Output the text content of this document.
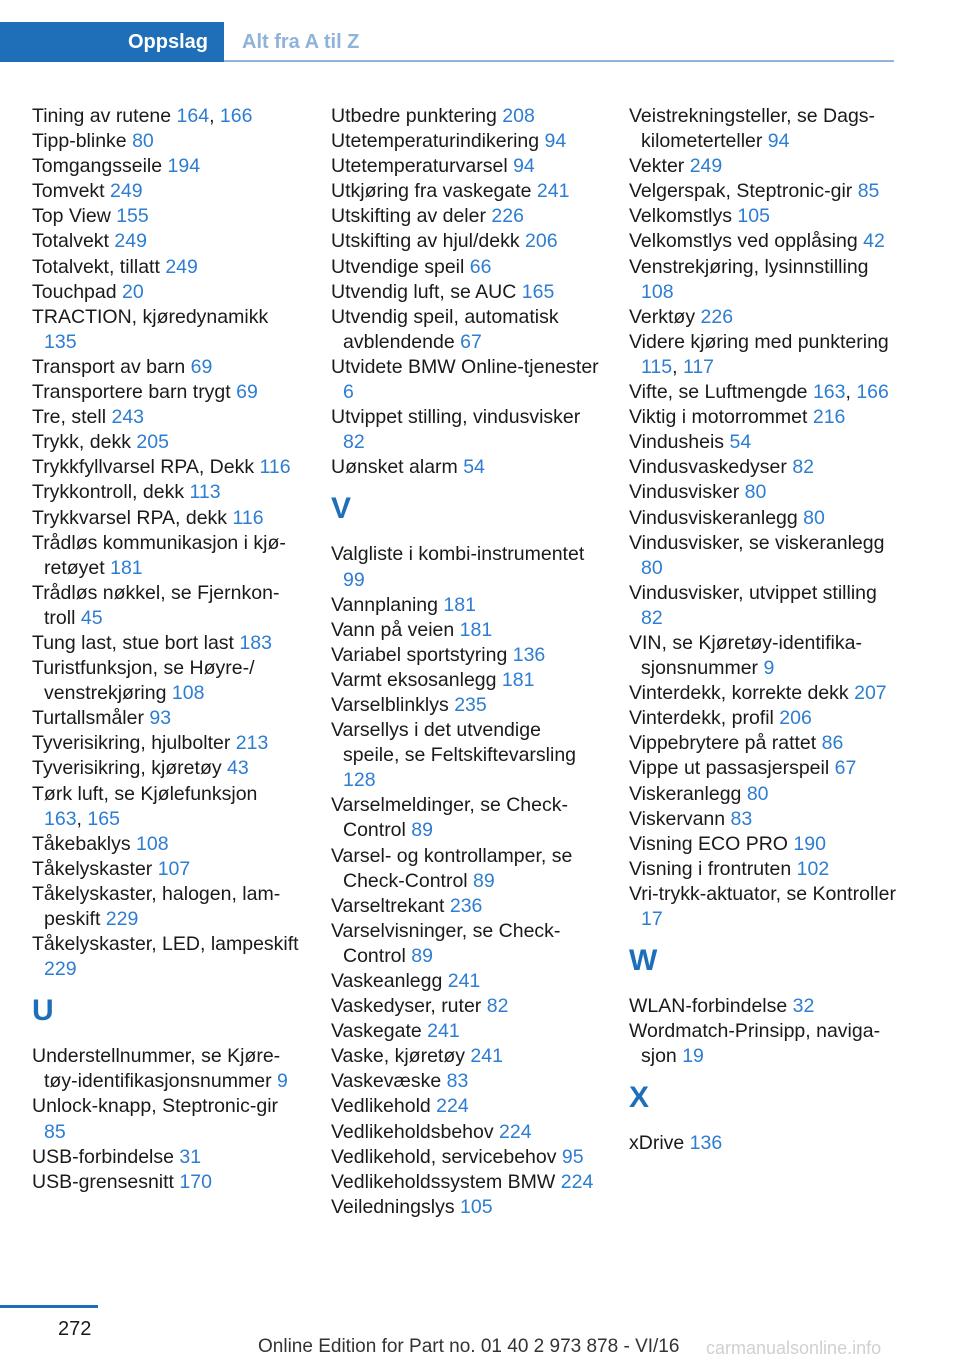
Oppslag	Alt fra A til Z
Tining av rutene 164, 166
Tipp-blinke 80
Tomgangsseile 194
Tomvekt 249
Top View 155
Totalvekt 249
Totalvekt, tillatt 249
Touchpad 20
TRACTION, kjøredynamikk 135
Transport av barn 69
Transportere barn trygt 69
Tre, stell 243
Trykk, dekk 205
Trykkfyllvarsel RPA, Dekk 116
Trykkontroll, dekk 113
Trykkvarsel RPA, dekk 116
Trådløs kommunikasjon i kjøretøyet 181
Trådløs nøkkel, se Fjernkontroll 45
Tung last, stue bort last 183
Turistfunksjon, se Høyre-/ venstrekjøring 108
Turtallsmåler 93
Tyverisikring, hjulbolter 213
Tyverisikring, kjøretøy 43
Tørk luft, se Kjølefunksjon 163, 165
Tåkebaklys 108
Tåkelyskaster 107
Tåkelyskaster, halogen, lampeskift 229
Tåkelyskaster, LED, lampeskift 229
U
Understellnummer, se Kjøretøy-identifikasjonsnummer 9
Unlock-knapp, Steptronic-gir 85
USB-forbindelse 31
USB-grensesnitt 170
Utbedre punktering 208
Utetemperaturindikering 94
Utetemperaturvarsel 94
Utkjøring fra vaskegate 241
Utskifting av deler 226
Utskifting av hjul/dekk 206
Utvendige speil 66
Utvendig luft, se AUC 165
Utvendig speil, automatisk avblendende 67
Utvidete BMW Online-tjenester 6
Utvippet stilling, vindusvisker 82
Uønsket alarm 54
V
Valgliste i kombi-instrumentet 99
Vannplaning 181
Vann på veien 181
Variabel sportstyring 136
Varmt eksosanlegg 181
Varselblinklys 235
Varsellys i det utvendige speile, se Feltskiftevarsling 128
Varselmeldinger, se Check-Control 89
Varsel- og kontrollamper, se Check-Control 89
Varseltrekant 236
Varselvisninger, se Check-Control 89
Vaskeanlegg 241
Vaskedyser, ruter 82
Vaskegate 241
Vaske, kjøretøy 241
Vaskevæske 83
Vedlikehold 224
Vedlikeholdsbehov 224
Vedlikehold, servicebehov 95
Vedlikeholdssystem BMW 224
Veiledningslys 105
Veistrekningsteller, se Dagskilometerteller 94
Vekter 249
Velgerspak, Steptronic-gir 85
Velkomstlys 105
Velkomstlys ved opplåsing 42
Venstrekjøring, lysinnstilling 108
Verktøy 226
Videre kjøring med punktering 115, 117
Vifte, se Luftmengde 163, 166
Viktig i motorrommet 216
Vindusheis 54
Vindusvaskedyser 82
Vindusvisker 80
Vindusviskeranlegg 80
Vindusvisker, se viskeranlegg 80
Vindusvisker, utvippet stilling 82
VIN, se Kjøretøy-identifikasjonsnummer 9
Vinterdekk, korrekte dekk 207
Vinterdekk, profil 206
Vippebrytere på rattet 86
Vippe ut passasjerspeil 67
Viskeranlegg 80
Viskervann 83
Visning ECO PRO 190
Visning i frontruten 102
Vri-trykk-aktuator, se Kontroller 17
W
WLAN-forbindelse 32
Wordmatch-Prinsipp, navigasjon 19
X
xDrive 136
272
Online Edition for Part no. 01 40 2 973 878 - VI/16 carmanualsonline.info
